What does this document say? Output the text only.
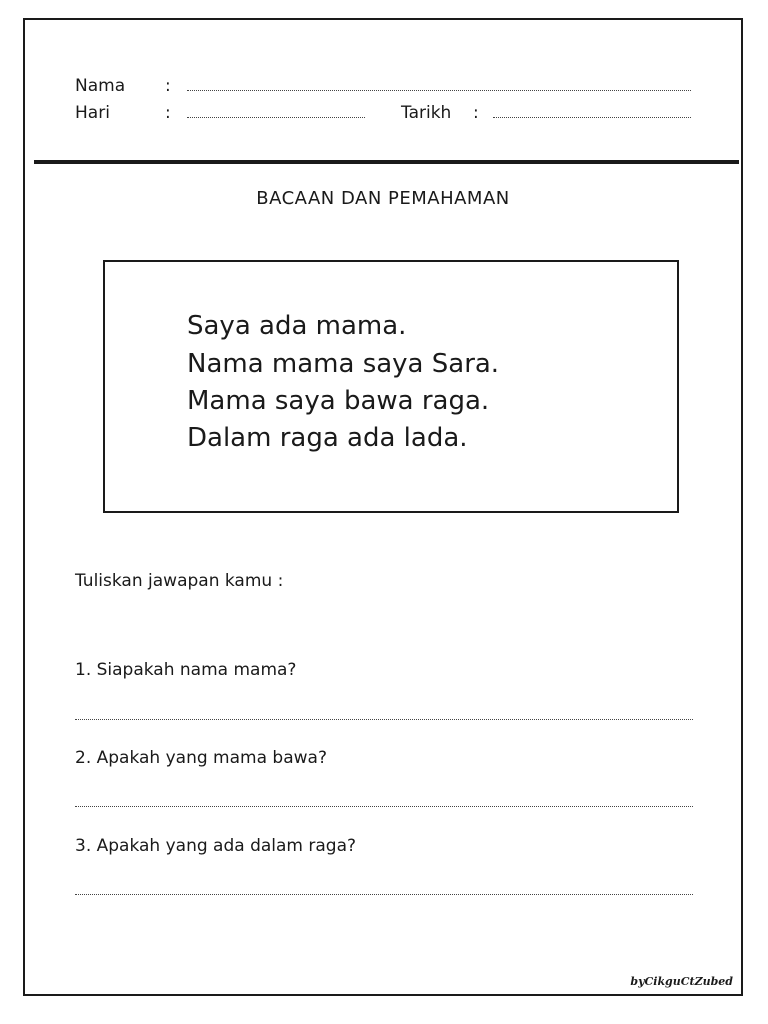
Nama :
Hari	:	Tarikh :
BACAAN DAN PEMAHAMAN
Saya ada mama.
Nama mama saya Sara.
Mama saya bawa raga.
Dalam raga ada lada.
Tuliskan jawapan kamu :
1. Siapakah nama mama?
2. Apakah yang mama bawa?
3. Apakah yang ada dalam raga?
byCikguCtZubed
